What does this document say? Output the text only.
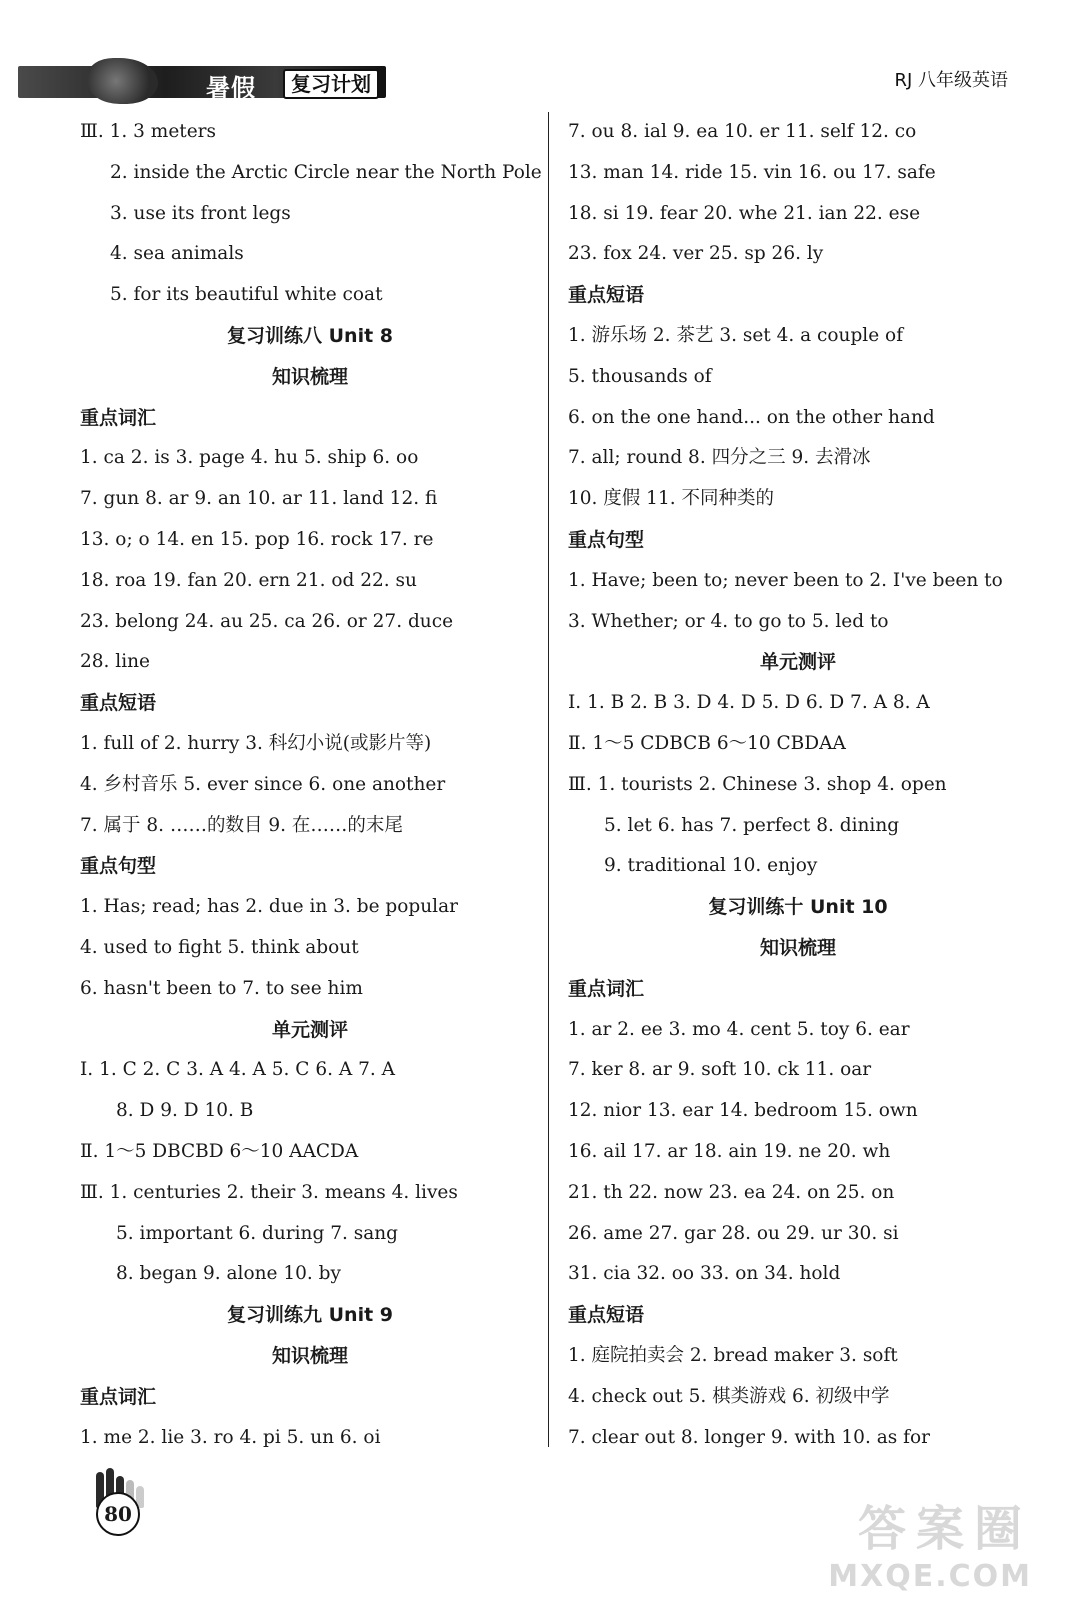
暑假	复习计划	RJ 八年级英语
Ⅲ. 1. 3 meters
2. inside the Arctic Circle near the North Pole
3. use its front legs
4. sea animals
5. for its beautiful white coat
复习训练八 Unit 8
知识梳理
重点词汇
1. ca 2. is 3. page 4. hu 5. ship 6. oo
7. gun 8. ar 9. an 10. ar 11. land 12. fi
13. o; o 14. en 15. pop 16. rock 17. re
18. roa 19. fan 20. ern 21. od 22. su
23. belong 24. au 25. ca 26. or 27. duce
28. line
重点短语
1. full of 2. hurry 3. 科幻小说(或影片等)
4. 乡村音乐 5. ever since 6. one another
7. 属于 8. ……的数目 9. 在……的末尾
重点句型
1. Has; read; has 2. due in 3. be popular
4. used to fight 5. think about
6. hasn't been to 7. to see him
单元测评
Ⅰ. 1. C 2. C 3. A 4. A 5. C 6. A 7. A
8. D 9. D 10. B
Ⅱ. 1～5 DBCBD 6～10 AACDA
Ⅲ. 1. centuries 2. their 3. means 4. lives
5. important 6. during 7. sang
8. began 9. alone 10. by
复习训练九 Unit 9
知识梳理
重点词汇
1. me 2. lie 3. ro 4. pi 5. un 6. oi
7. ou 8. ial 9. ea 10. er 11. self 12. co
13. man 14. ride 15. vin 16. ou 17. safe
18. si 19. fear 20. whe 21. ian 22. ese
23. fox 24. ver 25. sp 26. ly
重点短语
1. 游乐场 2. 茶艺 3. set 4. a couple of
5. thousands of
6. on the one hand... on the other hand
7. all; round 8. 四分之三 9. 去滑冰
10. 度假 11. 不同种类的
重点句型
1. Have; been to; never been to 2. I've been to
3. Whether; or 4. to go to 5. led to
单元测评
Ⅰ. 1. B 2. B 3. D 4. D 5. D 6. D 7. A 8. A
Ⅱ. 1～5 CDBCB 6～10 CBDAA
Ⅲ. 1. tourists 2. Chinese 3. shop 4. open
5. let 6. has 7. perfect 8. dining
9. traditional 10. enjoy
复习训练十 Unit 10
知识梳理
重点词汇
1. ar 2. ee 3. mo 4. cent 5. toy 6. ear
7. ker 8. ar 9. soft 10. ck 11. oar
12. nior 13. ear 14. bedroom 15. own
16. ail 17. ar 18. ain 19. ne 20. wh
21. th 22. now 23. ea 24. on 25. on
26. ame 27. gar 28. ou 29. ur 30. si
31. cia 32. oo 33. on 34. hold
重点短语
1. 庭院拍卖会 2. bread maker 3. soft
4. check out 5. 棋类游戏 6. 初级中学
7. clear out 8. longer 9. with 10. as for
80	答案圈
MXQE.COM
